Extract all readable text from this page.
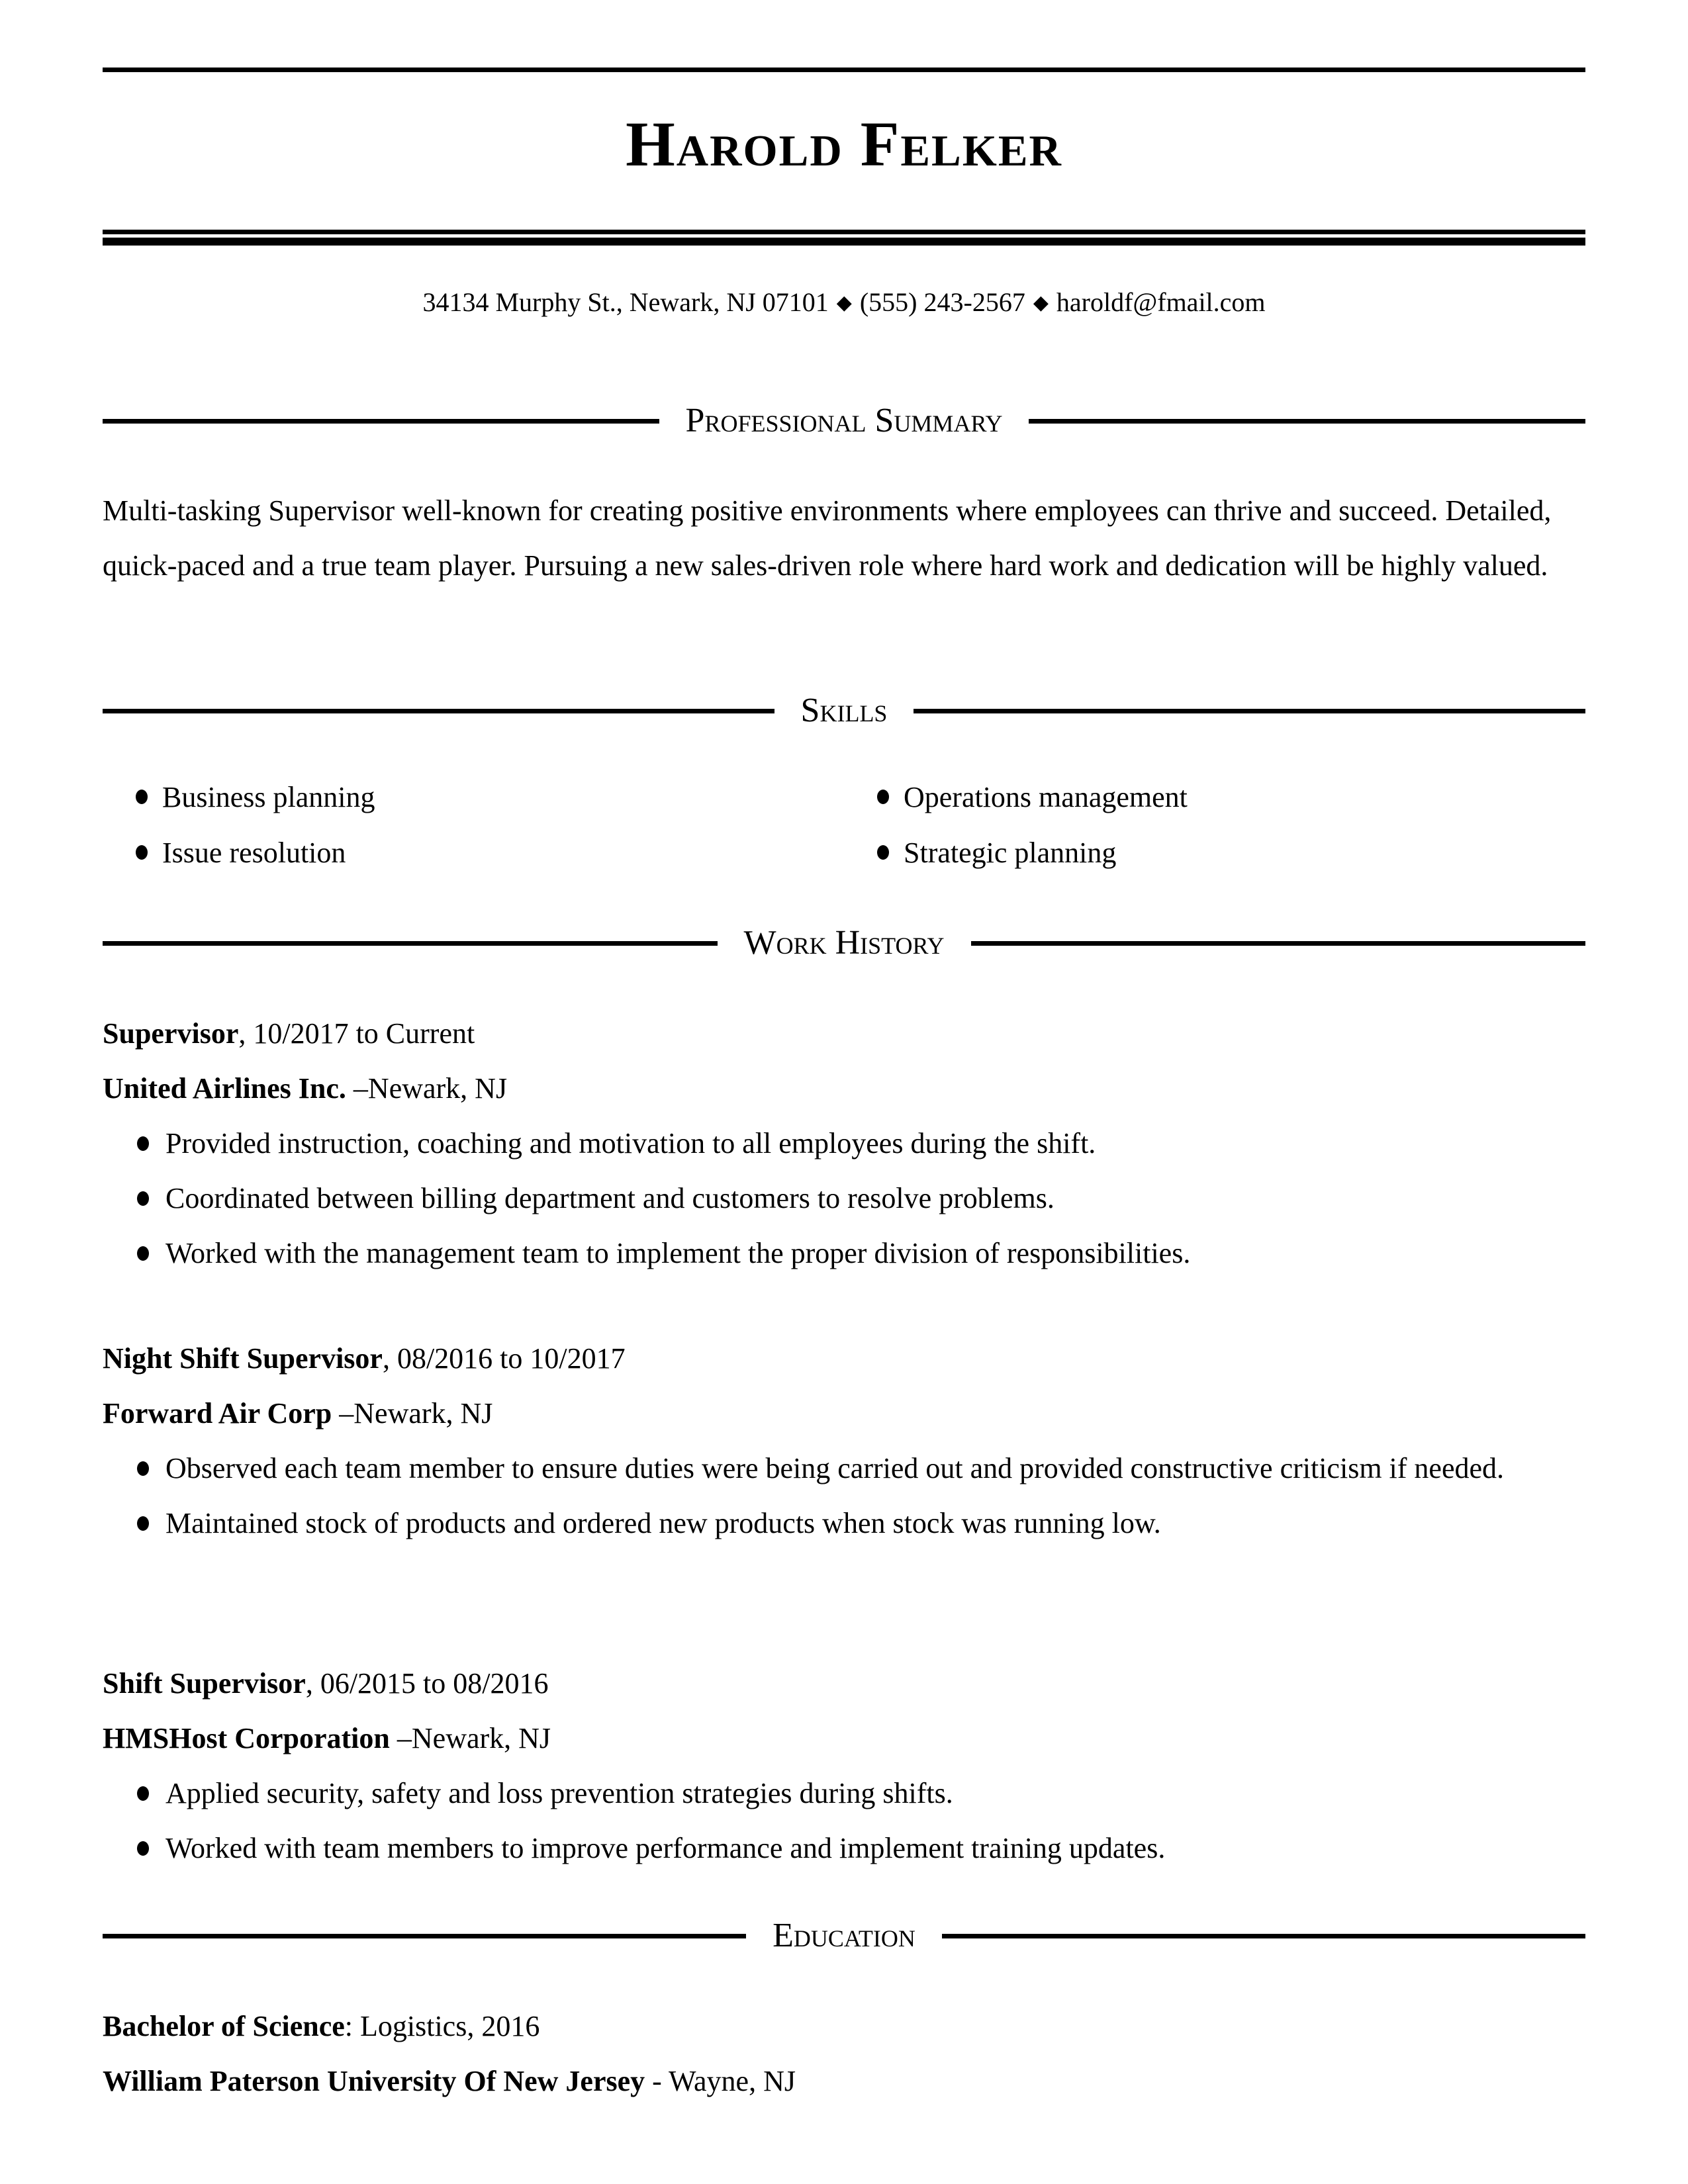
Harold Felker
34134 Murphy St., Newark, NJ 07101 ◆ (555) 243-2567 ◆ haroldf@fmail.com
Professional Summary
Multi-tasking Supervisor well-known for creating positive environments where employees can thrive and succeed. Detailed, quick-paced and a true team player. Pursuing a new sales-driven role where hard work and dedication will be highly valued.
Skills
Business planning	Operations management
Issue resolution	Strategic planning
Work History
Supervisor, 10/2017 to Current
United Airlines Inc. –Newark, NJ
Provided instruction, coaching and motivation to all employees during the shift.
Coordinated between billing department and customers to resolve problems.
Worked with the management team to implement the proper division of responsibilities.
Night Shift Supervisor, 08/2016 to 10/2017
Forward Air Corp –Newark, NJ
Observed each team member to ensure duties were being carried out and provided constructive criticism if needed.
Maintained stock of products and ordered new products when stock was running low.
Shift Supervisor, 06/2015 to 08/2016
HMSHost Corporation –Newark, NJ
Applied security, safety and loss prevention strategies during shifts.
Worked with team members to improve performance and implement training updates.
Education
Bachelor of Science: Logistics, 2016
William Paterson University Of New Jersey - Wayne, NJ
